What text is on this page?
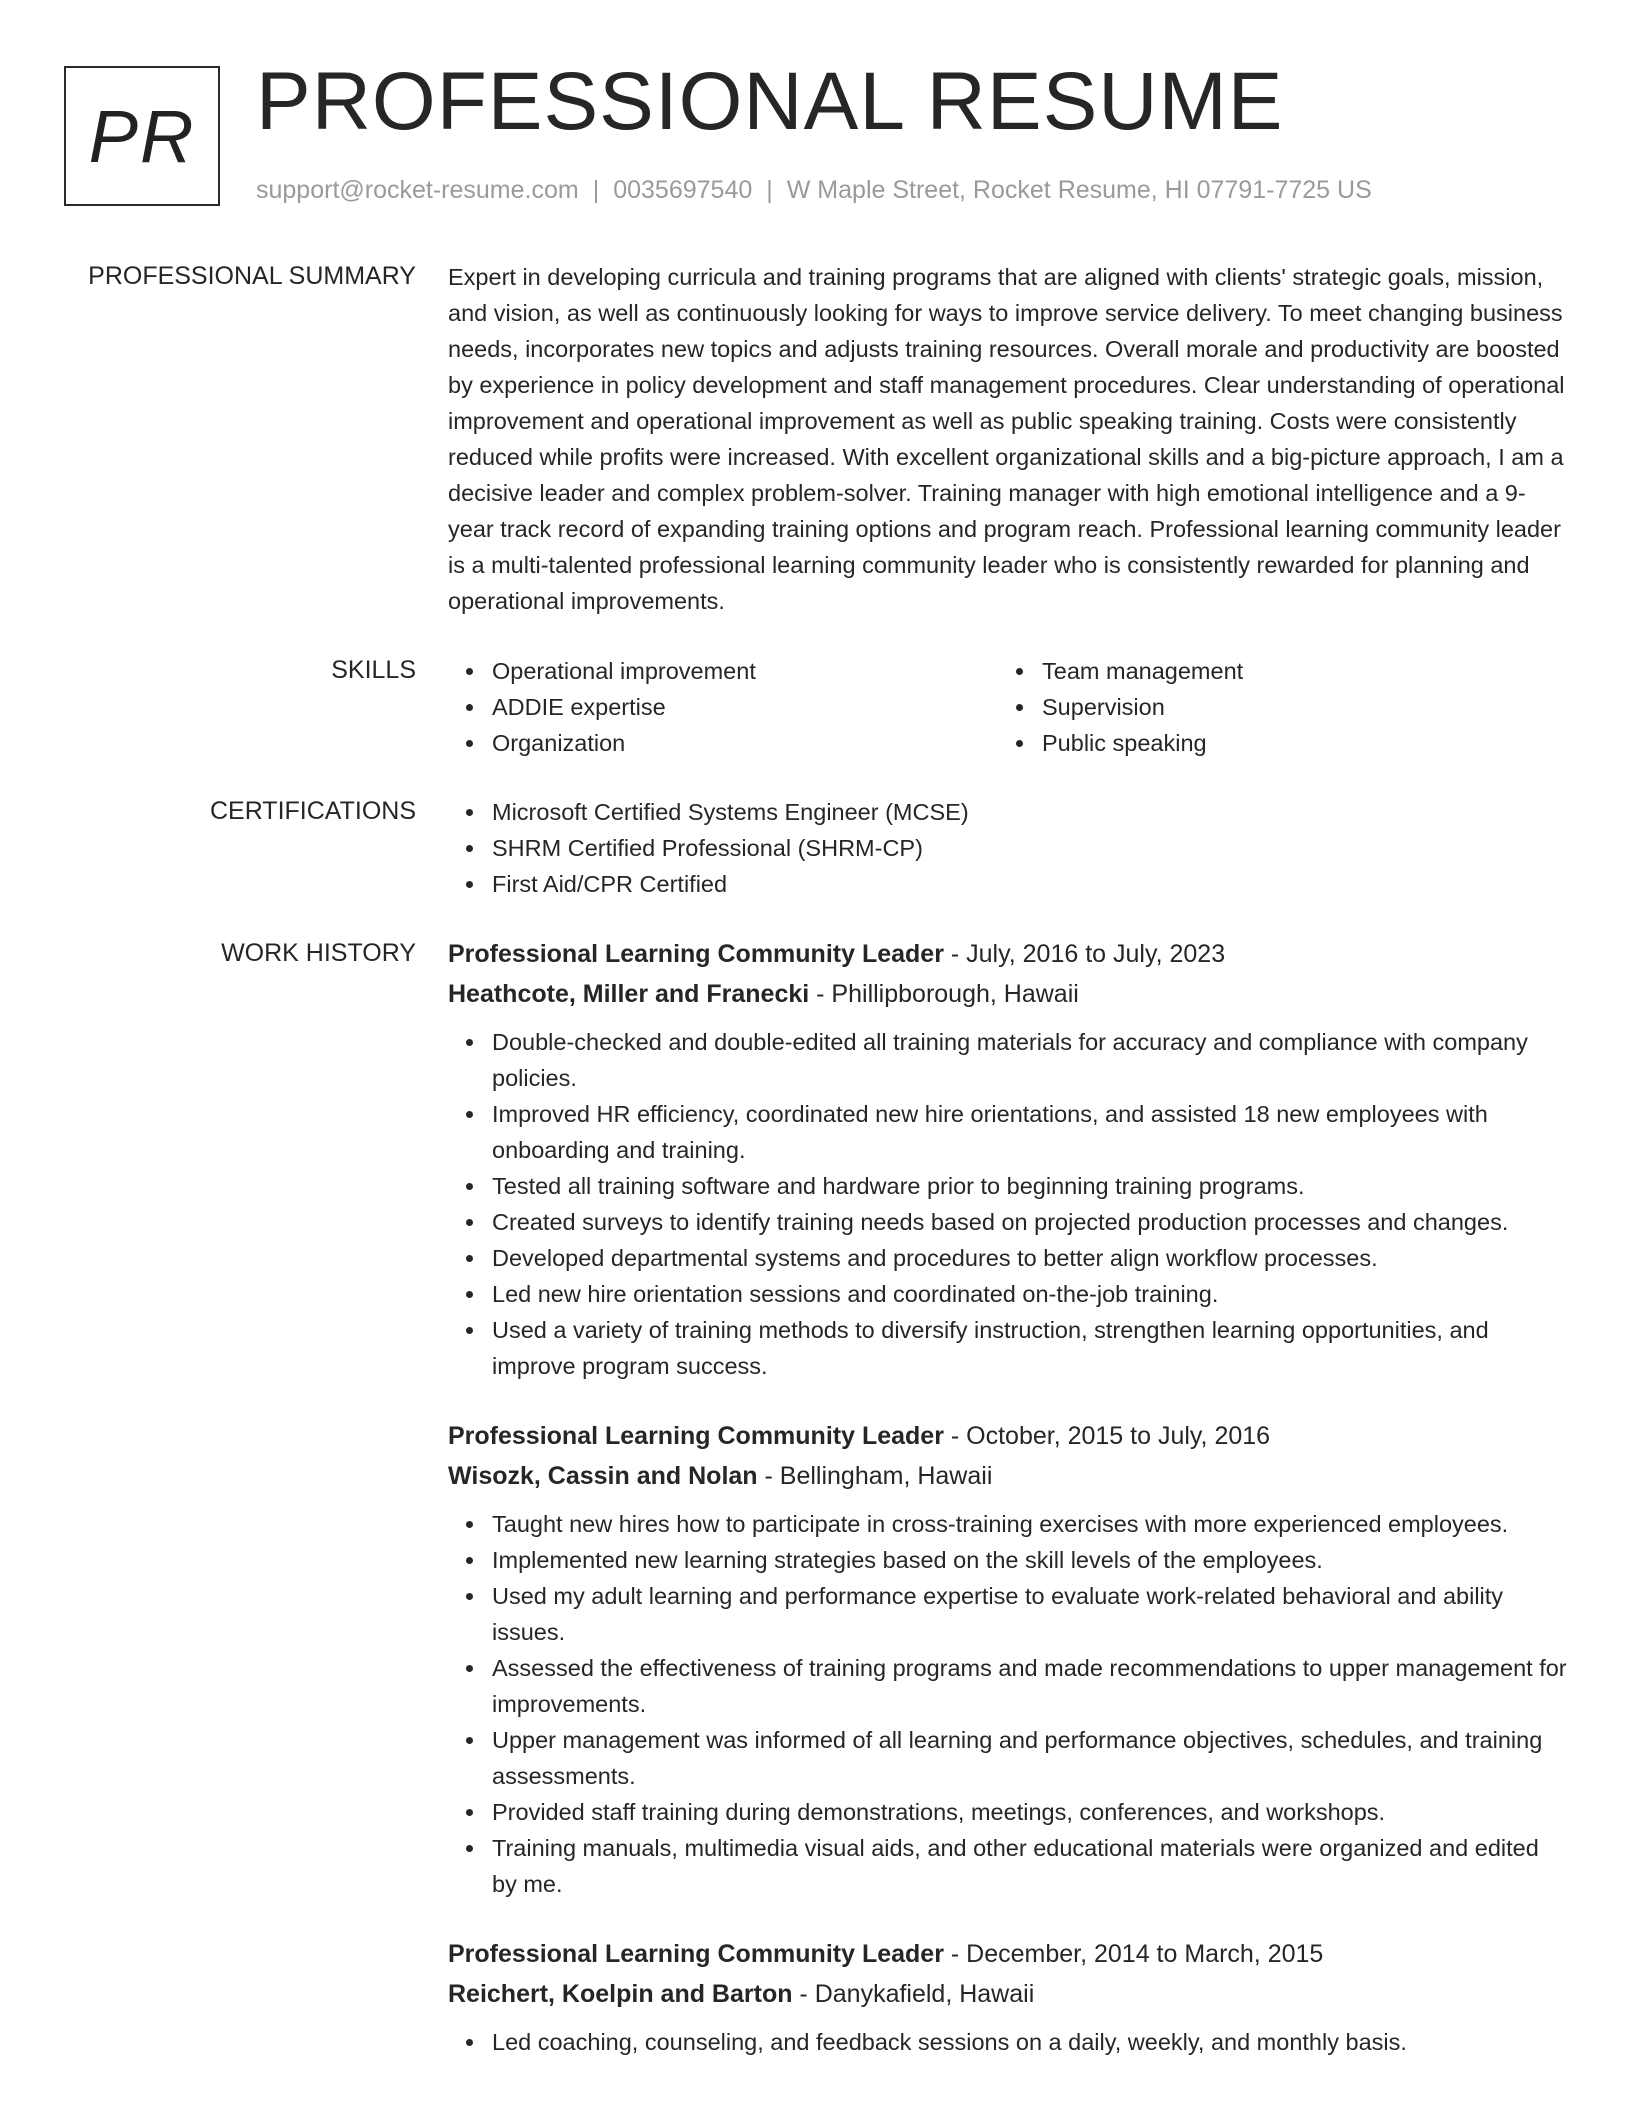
PR PROFESSIONAL RESUME
support@rocket-resume.com | 0035697540 | W Maple Street, Rocket Resume, HI 07791-7725 US
PROFESSIONAL SUMMARY Expert in developing curricula and training programs that are aligned with clients' strategic goals, mission, and vision, as well as continuously looking for ways to improve service delivery. To meet changing business needs, incorporates new topics and adjusts training resources. Overall morale and productivity are boosted by experience in policy development and staff management procedures. Clear understanding of operational improvement and operational improvement as well as public speaking training. Costs were consistently reduced while profits were increased. With excellent organizational skills and a big-picture approach, I am a decisive leader and complex problem-solver. Training manager with high emotional intelligence and a 9-year track record of expanding training options and program reach. Professional learning community leader is a multi-talented professional learning community leader who is consistently rewarded for planning and operational improvements.

SKILLS	Operational improvement
ADDIE expertise
Organization
Team management
Supervision
Public speaking
CERTIFICATIONS	Microsoft Certified Systems Engineer (MCSE)
SHRM Certified Professional (SHRM-CP)
First Aid/CPR Certified
WORK HISTORY Professional Learning Community Leader - July, 2016 to July, 2023
Heathcote, Miller and Franecki - Phillipborough, Hawaii
Double-checked and double-edited all training materials for accuracy and compliance with company policies.
Improved HR efficiency, coordinated new hire orientations, and assisted 18 new employees with onboarding and training.
Tested all training software and hardware prior to beginning training programs.
Created surveys to identify training needs based on projected production processes and changes.
Developed departmental systems and procedures to better align workflow processes.
Led new hire orientation sessions and coordinated on-the-job training.
Used a variety of training methods to diversify instruction, strengthen learning opportunities, and improve program success.
Professional Learning Community Leader - October, 2015 to July, 2016
Wisozk, Cassin and Nolan - Bellingham, Hawaii
Taught new hires how to participate in cross-training exercises with more experienced employees.
Implemented new learning strategies based on the skill levels of the employees.
Used my adult learning and performance expertise to evaluate work-related behavioral and ability issues.
Assessed the effectiveness of training programs and made recommendations to upper management for improvements.
Upper management was informed of all learning and performance objectives, schedules, and training assessments.
Provided staff training during demonstrations, meetings, conferences, and workshops.
Training manuals, multimedia visual aids, and other educational materials were organized and edited by me.
Professional Learning Community Leader - December, 2014 to March, 2015
Reichert, Koelpin and Barton - Danykafield, Hawaii
Led coaching, counseling, and feedback sessions on a daily, weekly, and monthly basis.
